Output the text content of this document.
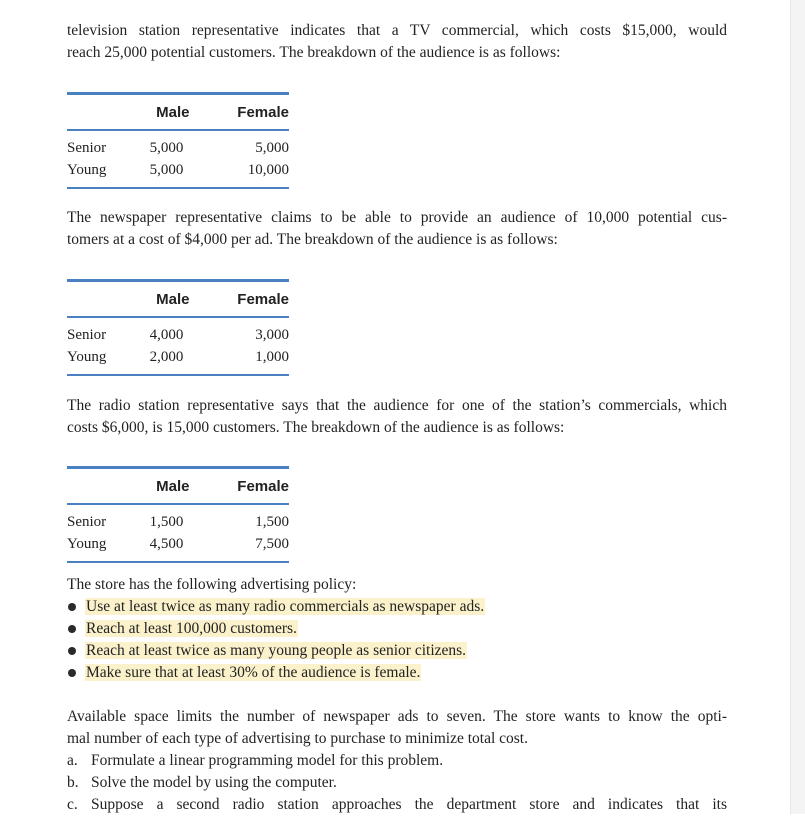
television station representative indicates that a TV commercial, which costs $15,000, would
reach 25,000 potential customers. The breakdown of the audience is as follows:

	Male	Female
Senior	5,000	5,000
Young	5,000	10,000

The newspaper representative claims to be able to provide an audience of 10,000 potential cus-
tomers at a cost of $4,000 per ad. The breakdown of the audience is as follows:

	Male	Female
Senior	4,000	3,000
Young	2,000	1,000

The radio station representative says that the audience for one of the station’s commercials, which
costs $6,000, is 15,000 customers. The breakdown of the audience is as follows:

	Male	Female
Senior	1,500	1,500
Young	4,500	7,500
The store has the following advertising policy:
Use at least twice as many radio commercials as newspaper ads.
Reach at least 100,000 customers.
Reach at least twice as many young people as senior citizens.
Make sure that at least 30% of the audience is female.

Available space limits the number of newspaper ads to seven. The store wants to know the opti-
mal number of each type of advertising to purchase to minimize total cost.

a. Formulate a linear programming model for this problem.
b. Solve the model by using the computer.
c. Suppose a second radio station approaches the department store and indicates that its
